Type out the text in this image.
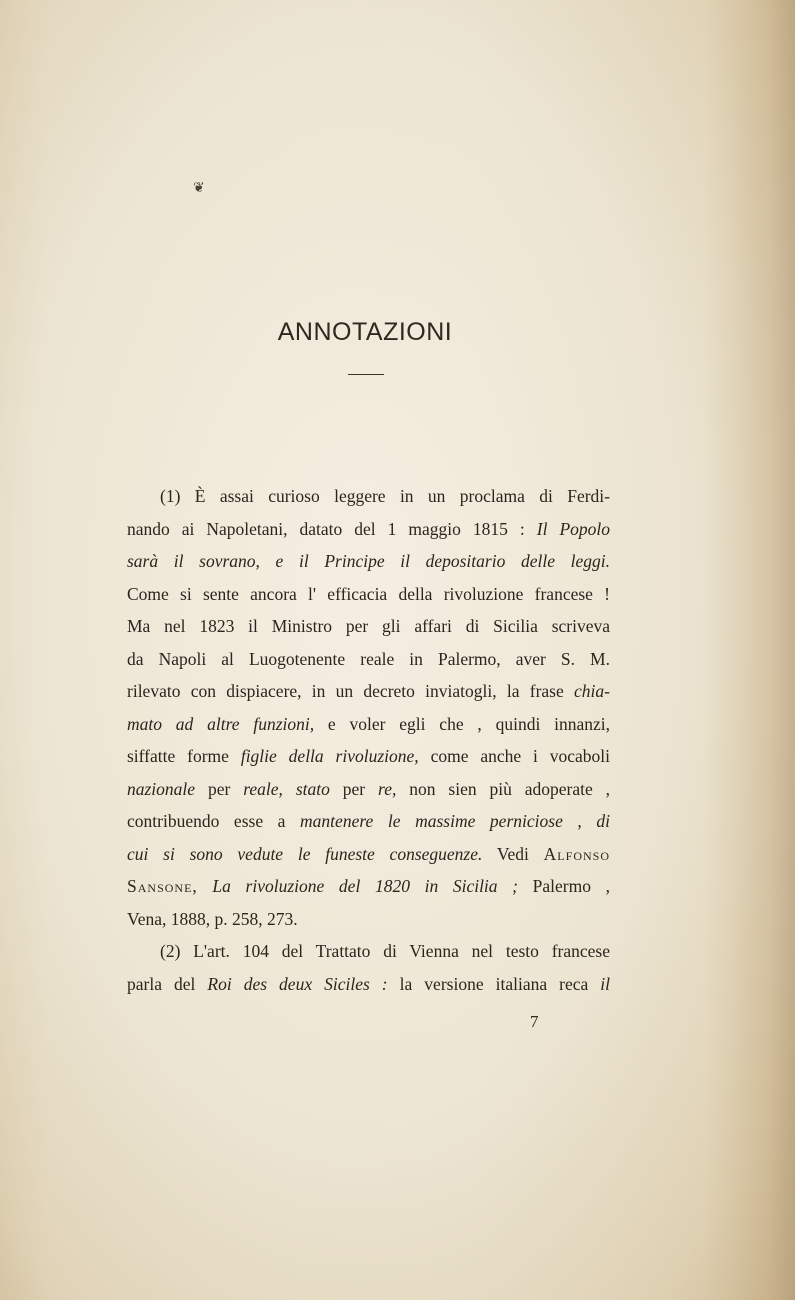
❦
ANNOTAZIONI
(1) È assai curioso leggere in un proclama di Ferdi-
nando ai Napoletani, datato del 1 maggio 1815 : Il Popolo
sarà il sovrano, e il Principe il depositario delle leggi.
Come si sente ancora l' efficacia della rivoluzione francese !
Ma nel 1823 il Ministro per gli affari di Sicilia scriveva
da Napoli al Luogotenente reale in Palermo, aver S. M.
rilevato con dispiacere, in un decreto inviatogli, la frase chia-
mato ad altre funzioni, e voler egli che , quindi innanzi,
siffatte forme figlie della rivoluzione, come anche i vocaboli
nazionale per reale, stato per re, non sien più adoperate ,
contribuendo esse a mantenere le massime perniciose , di
cui si sono vedute le funeste conseguenze. Vedi Alfonso
Sansone, La rivoluzione del 1820 in Sicilia ; Palermo ,
Vena, 1888, p. 258, 273.
(2) L'art. 104 del Trattato di Vienna nel testo francese
parla del Roi des deux Siciles : la versione italiana reca il
7
